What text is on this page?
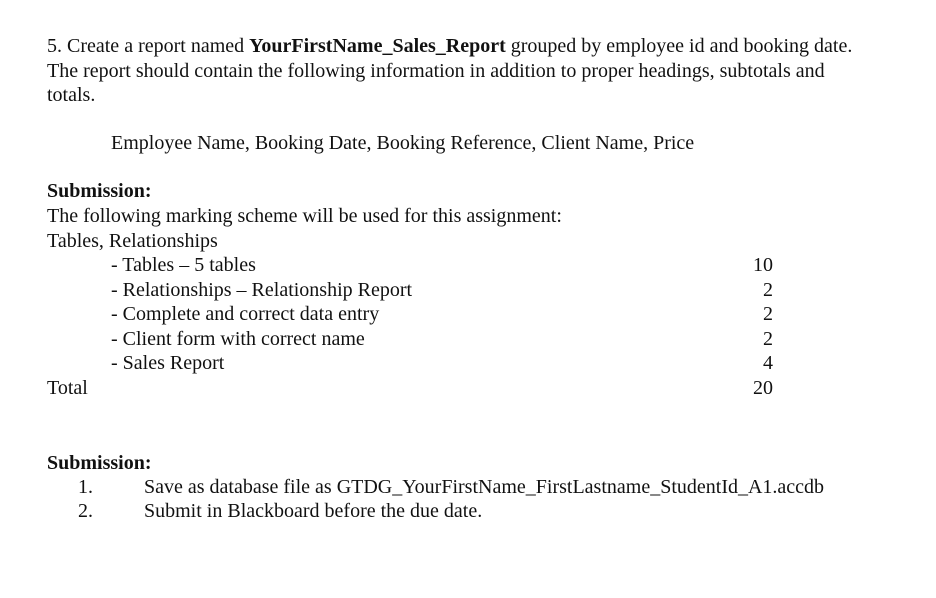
5. Create a report named YourFirstName_Sales_Report grouped by employee id and booking date. The report should contain the following information in addition to proper headings, subtotals and totals.
Employee Name, Booking Date, Booking Reference, Client Name, Price
Submission:
The following marking scheme will be used for this assignment:
Tables, Relationships
- Tables – 5 tables	10
- Relationships – Relationship Report	2
- Complete and correct data entry	2
- Client form with correct name	2
- Sales Report	4
Total	20
Submission:
1.	Save as database file as GTDG_YourFirstName_FirstLastname_StudentId_A1.accdb
2.	Submit in Blackboard before the due date.
